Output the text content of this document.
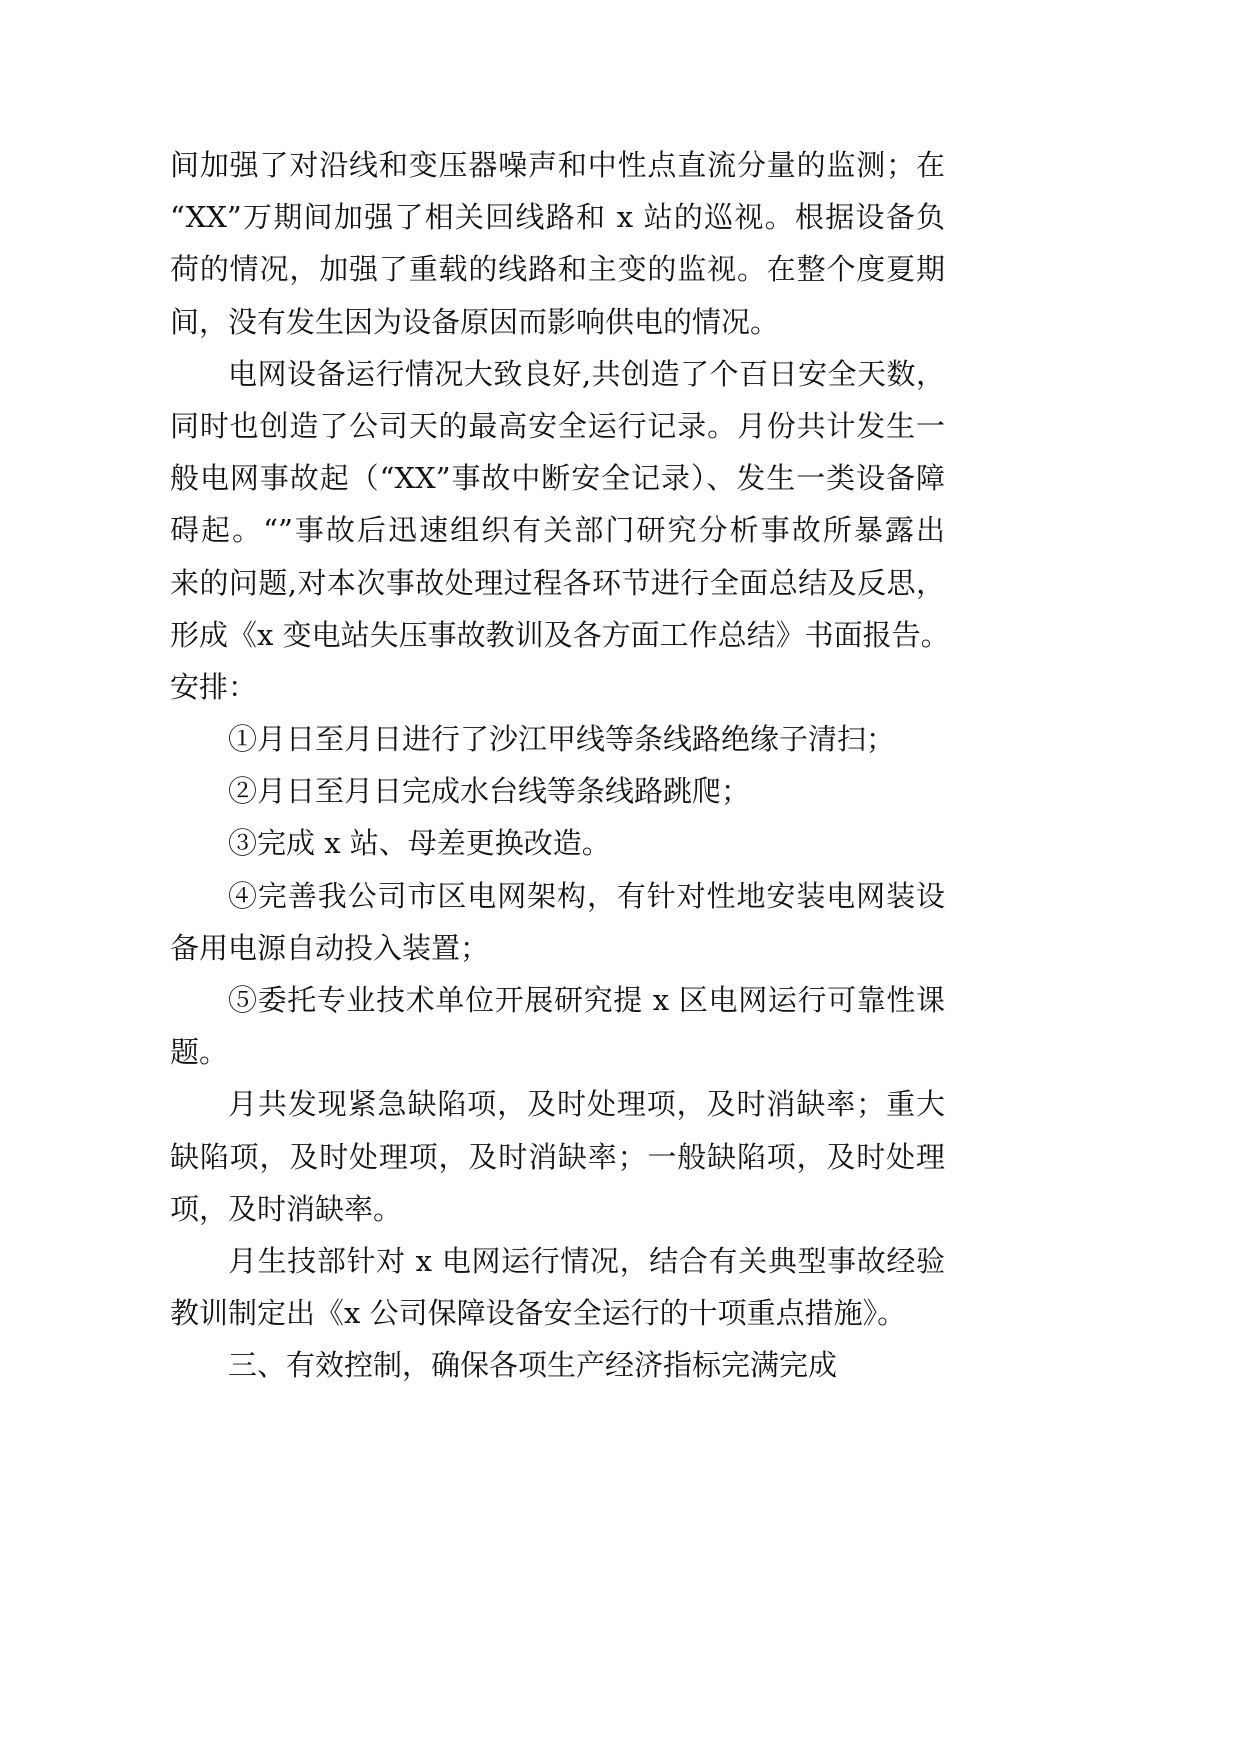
间加强了对沿线和变压器噪声和中性点直流分量的监测；在
“XX”万期间加强了相关回线路和 x 站的巡视。根据设备负
荷的情况，加强了重载的线路和主变的监视。在整个度夏期
间，没有发生因为设备原因而影响供电的情况。
电网设备运行情况大致良好,共创造了个百日安全天数，
同时也创造了公司天的最高安全运行记录。月份共计发生一
般电网事故起（“XX”事故中断安全记录）、发生一类设备障
碍起。“”事故后迅速组织有关部门研究分析事故所暴露出
来的问题,对本次事故处理过程各环节进行全面总结及反思，
形成《x 变电站失压事故教训及各方面工作总结》书面报告。
安排：
①月日至月日进行了沙江甲线等条线路绝缘子清扫；
②月日至月日完成水台线等条线路跳爬；
③完成 x 站、母差更换改造。
④完善我公司市区电网架构，有针对性地安装电网装设
备用电源自动投入装置；
⑤委托专业技术单位开展研究提 x 区电网运行可靠性课
题。
月共发现紧急缺陷项，及时处理项，及时消缺率；重大
缺陷项，及时处理项，及时消缺率；一般缺陷项，及时处理
项，及时消缺率。
月生技部针对 x 电网运行情况，结合有关典型事故经验
教训制定出《x 公司保障设备安全运行的十项重点措施》。
三、有效控制，确保各项生产经济指标完满完成
